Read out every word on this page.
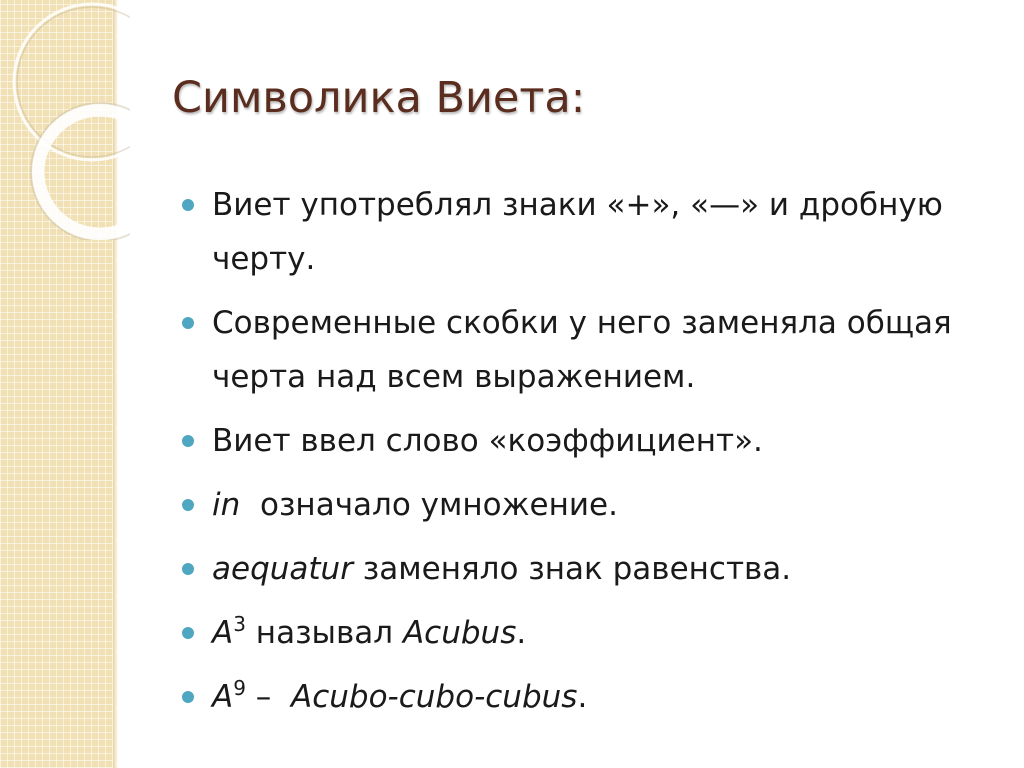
Символика Виета:
Виет употреблял знаки «+», «—» и дробную черту.
Современные скобки у него заменяла общая черта над всем выражением.
Виет ввел слово «коэффициент».
in  означало умножение.
aequatur заменяло знак равенства.
$A^3$ называл Acubus.
$A^9$ –  Acubo-cubo-cubus.
